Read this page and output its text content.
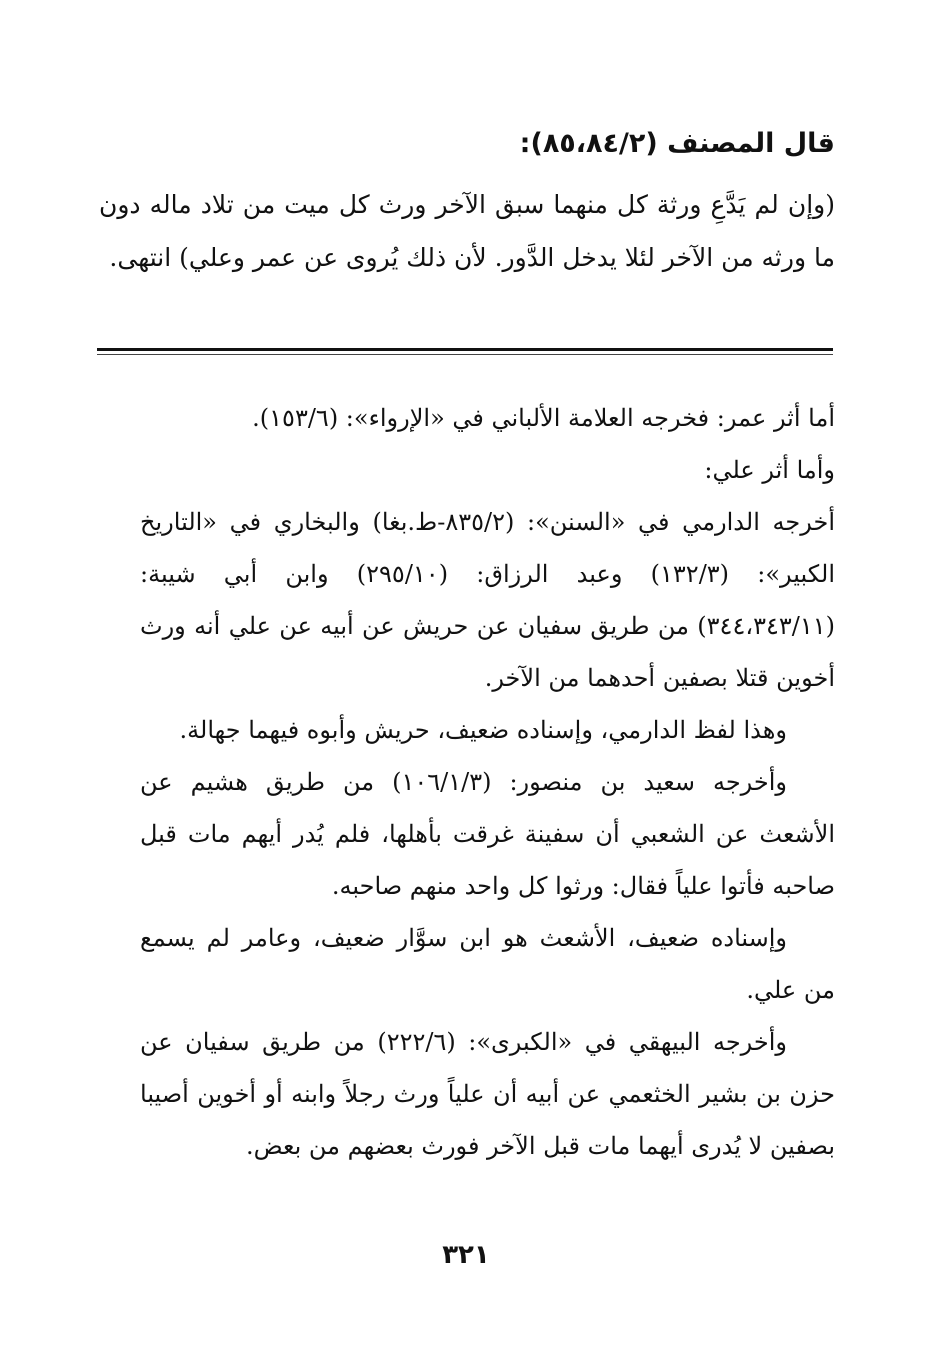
قال المصنف (٨٥،٨٤/٢):
(وإن لم يَدَّعِ ورثة كل منهما سبق الآخر ورث كل ميت من تلاد ماله دون ما ورثه من الآخر لئلا يدخل الدَّور. لأن ذلك يُروى عن عمر وعلي) انتهى.

أما أثر عمر: فخرجه العلامة الألباني في «الإرواء»: (١٥٣/٦).

وأما أثر علي:

أخرجه الدارمي في «السنن»: (٨٣٥/٢-ط.بغا) والبخاري في «التاريخ الكبير»: (١٣٢/٣) وعبد الرزاق: (٢٩٥/١٠) وابن أبي شيبة: (٣٤٤،٣٤٣/١١) من طريق سفيان عن حريش عن أبيه عن علي أنه ورث أخوين قتلا بصفين أحدهما من الآخر.

وهذا لفظ الدارمي، وإسناده ضعيف، حريش وأبوه فيهما جهالة.

وأخرجه سعيد بن منصور: (١٠٦/١/٣) من طريق هشيم عن الأشعث عن الشعبي أن سفينة غرقت بأهلها، فلم يُدر أيهم مات قبل صاحبه فأتوا علياً فقال: ورثوا كل واحد منهم صاحبه.

وإسناده ضعيف، الأشعث هو ابن سوَّار ضعيف، وعامر لم يسمع من علي.

وأخرجه البيهقي في «الكبرى»: (٢٢٢/٦) من طريق سفيان عن حزن بن بشير الخثعمي عن أبيه أن علياً ورث رجلاً وابنه أو أخوين أصيبا بصفين لا يُدرى أيهما مات قبل الآخر فورث بعضهم من بعض.

٣٢١
